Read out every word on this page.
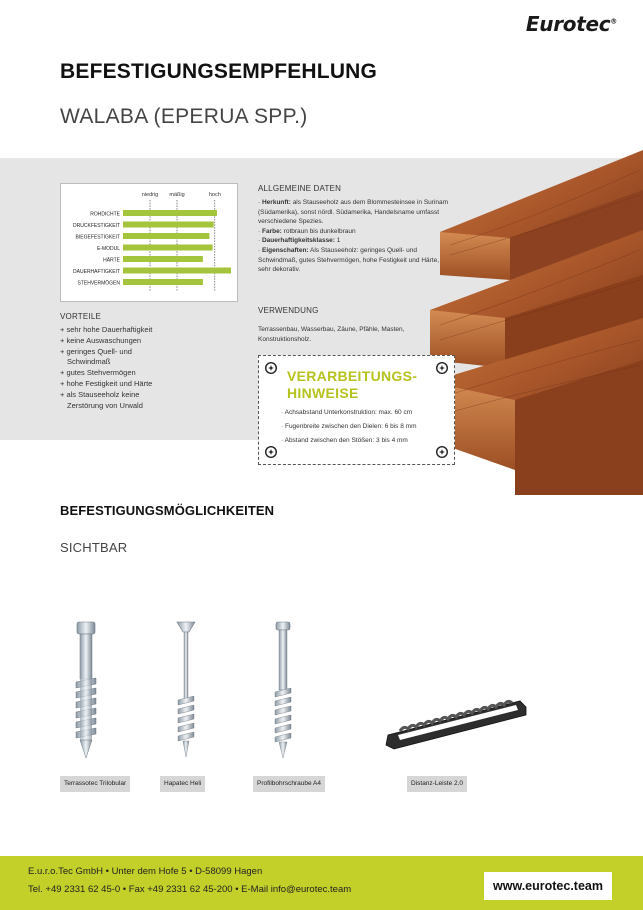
Eurotec®
BEFESTIGUNGSEMPFEHLUNG
WALABA (EPERUA SPP.)
niedrig mäßig	hoch
ROHDICHTE
DRUCKFESTIGKEIT
BIEGEFESTIGKEIT
E-MODUL
HÄRTE
DAUERHAFTIGKEIT
STEHVERMÖGEN
VORTEILE
+ sehr hohe Dauerhaftigkeit
+ keine Auswaschungen
+ geringes Quell- und
Schwindmaß
+ gutes Stehvermögen
+ hohe Festigkeit und Härte
+ als Stauseeholz keine
Zerstörung von Urwald
ALLGEMEINE DATEN
· Herkunft: als Stauseeholz aus dem Blommesteinsee in Surinam (Südamerika), sonst nördl. Südamerika, Handelsname umfasst verschiedene Spezies.
· Farbe: rotbraun bis dunkelbraun
· Dauerhaftigkeitsklasse: 1
· Eigenschaften: Als Stauseeholz: geringes Quell- und Schwindmaß, gutes Stehvermögen, hohe Festigkeit und Härte, sehr dekorativ.
VERWENDUNG
Terrassenbau, Wasserbau, Zäune, Pfähle, Masten, Konstruktionsholz.
VERARBEITUNGS-
HINWEISE
· Achsabstand Unterkonstruktion: max. 60 cm
· Fugenbreite zwischen den Dielen: 6 bis 8 mm
· Abstand zwischen den Stößen: 3 bis 4 mm
BEFESTIGUNGSMÖGLICHKEITEN
SICHTBAR
Terrassotec Trilobular	Hapatec Heli	Profilbohrschraube A4	Distanz-Leiste 2.0
E.u.r.o.Tec GmbH • Unter dem Hofe 5 • D-58099 Hagen
Tel. +49 2331 62 45-0 • Fax +49 2331 62 45-200 • E-Mail info@eurotec.team	www.eurotec.team
